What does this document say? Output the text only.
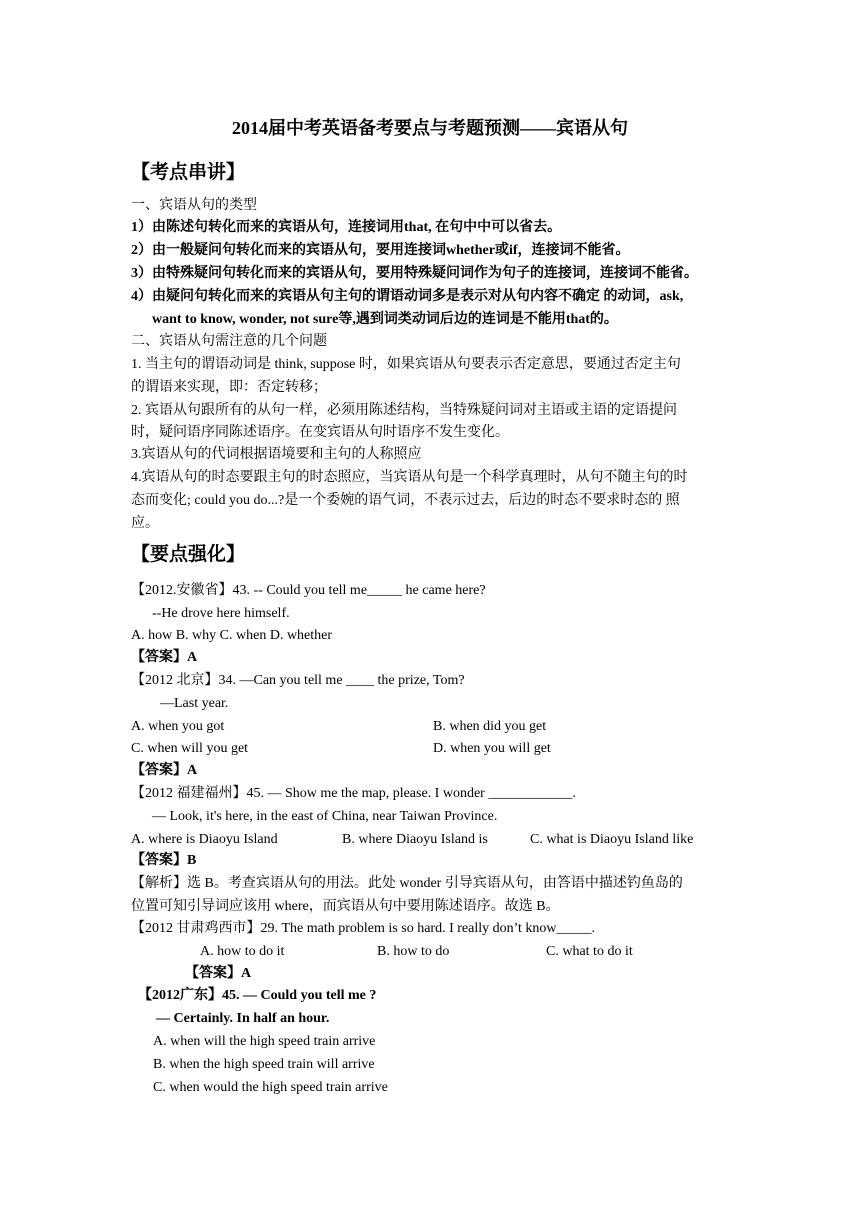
2014届中考英语备考要点与考题预测——宾语从句
【考点串讲】
一、宾语从句的类型
1）由陈述句转化而来的宾语从句，连接词用that, 在句中中可以省去。
2）由一般疑问句转化而来的宾语从句，要用连接词whether或if，连接词不能省。
3）由特殊疑问句转化而来的宾语从句，要用特殊疑问词作为句子的连接词，连接词不能省。
4）由疑问句转化而来的宾语从句主句的谓语动词多是表示对从句内容不确定 的动词，ask,
want to know, wonder, not sure等,遇到词类动词后边的连词是不能用that的。
二、宾语从句需注意的几个问题
1. 当主句的谓语动词是 think, suppose 时，如果宾语从句要表示否定意思，要通过否定主句
的谓语来实现，即：否定转移；
2. 宾语从句跟所有的从句一样，必须用陈述结构，当特殊疑问词对主语或主语的定语提问
时，疑问语序同陈述语序。在变宾语从句时语序不发生变化。
3.宾语从句的代词根据语境要和主句的人称照应
4.宾语从句的时态要跟主句的时态照应，当宾语从句是一个科学真理时，从句不随主句的时
态而变化; could you do...?是一个委婉的语气词，不表示过去，后边的时态不要求时态的 照
应。
【要点强化】
【2012.安徽省】43. -- Could you tell me_____ he came here?
--He drove here himself.
A. how B. why C. when D. whether
【答案】A
【2012 北京】34. —Can you tell me ____ the prize, Tom?
—Last year.
A. when you got	B. when did you get
C. when will you get	D. when you will get
【答案】A
【2012 福建福州】45. — Show me the map, please. I wonder ____________.
— Look, it's here, in the east of China, near Taiwan Province.
A. where is Diaoyu Island	B. where Diaoyu Island is	C. what is Diaoyu Island like
【答案】B
【解析】选 B。考查宾语从句的用法。此处 wonder 引导宾语从句，由答语中描述钓鱼岛的
位置可知引导词应该用 where，而宾语从句中要用陈述语序。故选 B。
【2012 甘肃鸡西市】29. The math problem is so hard. I really don’t know_____.
A. how to do it	B. how to do	C. what to do it
【答案】A
【2012广东】45. — Could you tell me ?
— Certainly. In half an hour.
A. when will the high speed train arrive
B. when the high speed train will arrive
C. when would the high speed train arrive
